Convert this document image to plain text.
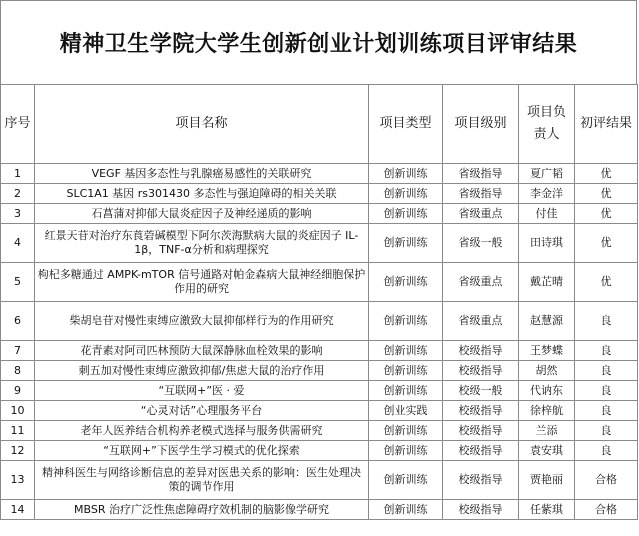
精神卫生学院大学生创新创业计划训练项目评审结果
序号	项目名称	项目类型	项目级别	项目负责人	初评结果
1	VEGF 基因多态性与乳腺癌易感性的关联研究	创新训练	省级指导	夏广韬	优
2	SLC1A1 基因 rs301430 多态性与强迫障碍的相关关联	创新训练	省级指导	李金洋	优
3	石菖蒲对抑郁大鼠炎症因子及神经递质的影响	创新训练	省级重点	付佳	优
4	红景天苷对治疗东莨菪碱模型下阿尔茨海默病大鼠的炎症因子 IL-1β，TNF-α分析和病理探究	创新训练	省级一般	田诗琪	优
5	枸杞多糖通过 AMPK-mTOR 信号通路对帕金森病大鼠神经细胞保护作用的研究	创新训练	省级重点	戴芷晴	优
6	柴胡皂苷对慢性束缚应激致大鼠抑郁样行为的作用研究	创新训练	省级重点	赵慧源	良
7	花青素对阿司匹林预防大鼠深静脉血栓效果的影响	创新训练	校级指导	王梦蝶	良
8	刺五加对慢性束缚应激致抑郁/焦虑大鼠的治疗作用	创新训练	校级指导	胡然	良
9	“互联网+”医 · 爱	创新训练	校级一般	代讷东	良
10	“心灵对话”心理服务平台	创业实践	校级指导	徐梓航	良
11	老年人医养结合机构养老模式选择与服务供需研究	创新训练	校级指导	兰添	良
12	“互联网+”下医学生学习模式的优化探索	创新训练	校级指导	袁安琪	良
13	精神科医生与网络诊断信息的差异对医患关系的影响：医生处理决策的调节作用	创新训练	校级指导	贾艳丽	合格
14	MBSR 治疗广泛性焦虑障碍疗效机制的脑影像学研究	创新训练	校级指导	任紫琪	合格
